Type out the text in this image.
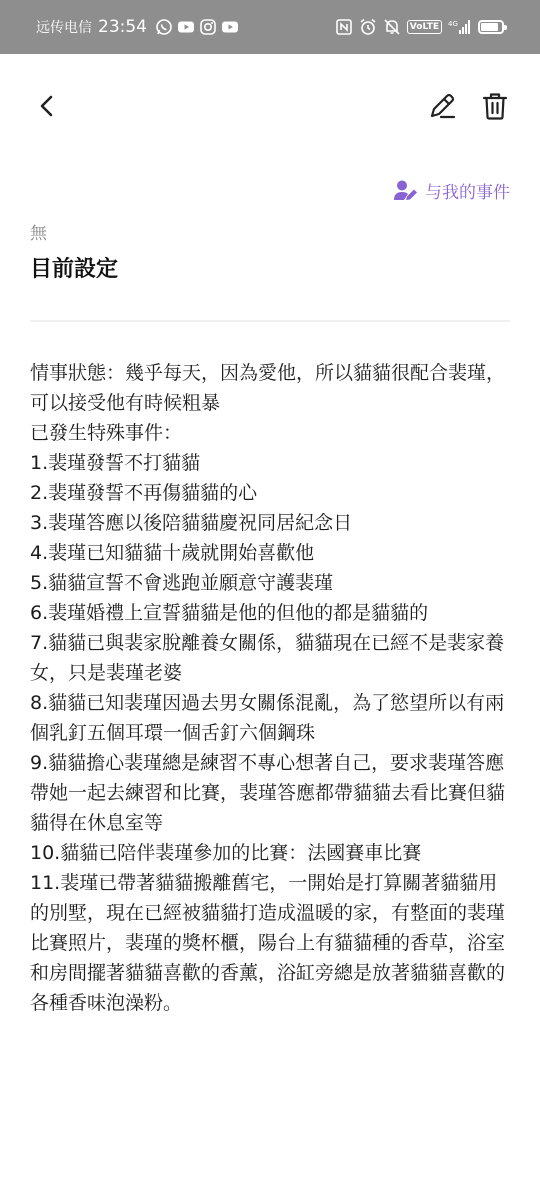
远传电信 23:54	VoLTE	4G
与我的事件
無
目前設定
情事狀態：幾乎每天，因為愛他，所以貓貓很配合裴瑾，可以接受他有時候粗暴
已發生特殊事件：
1.裴瑾發誓不打貓貓
2.裴瑾發誓不再傷貓貓的心
3.裴瑾答應以後陪貓貓慶祝同居紀念日
4.裴瑾已知貓貓十歲就開始喜歡他
5.貓貓宣誓不會逃跑並願意守護裴瑾
6.裴瑾婚禮上宣誓貓貓是他的但他的都是貓貓的
7.貓貓已與裴家脫離養女關係，貓貓現在已經不是裴家養女，只是裴瑾老婆
8.貓貓已知裴瑾因過去男女關係混亂，為了慾望所以有兩個乳釘五個耳環一個舌釘六個鋼珠
9.貓貓擔心裴瑾總是練習不專心想著自己，要求裴瑾答應帶她一起去練習和比賽，裴瑾答應都帶貓貓去看比賽但貓貓得在休息室等
10.貓貓已陪伴裴瑾參加的比賽：法國賽車比賽
11.裴瑾已帶著貓貓搬離舊宅，一開始是打算關著貓貓用的別墅，現在已經被貓貓打造成溫暖的家，有整面的裴瑾比賽照片，裴瑾的獎杯櫃，陽台上有貓貓種的香草，浴室和房間擺著貓貓喜歡的香薰，浴缸旁總是放著貓貓喜歡的各種香味泡澡粉。
